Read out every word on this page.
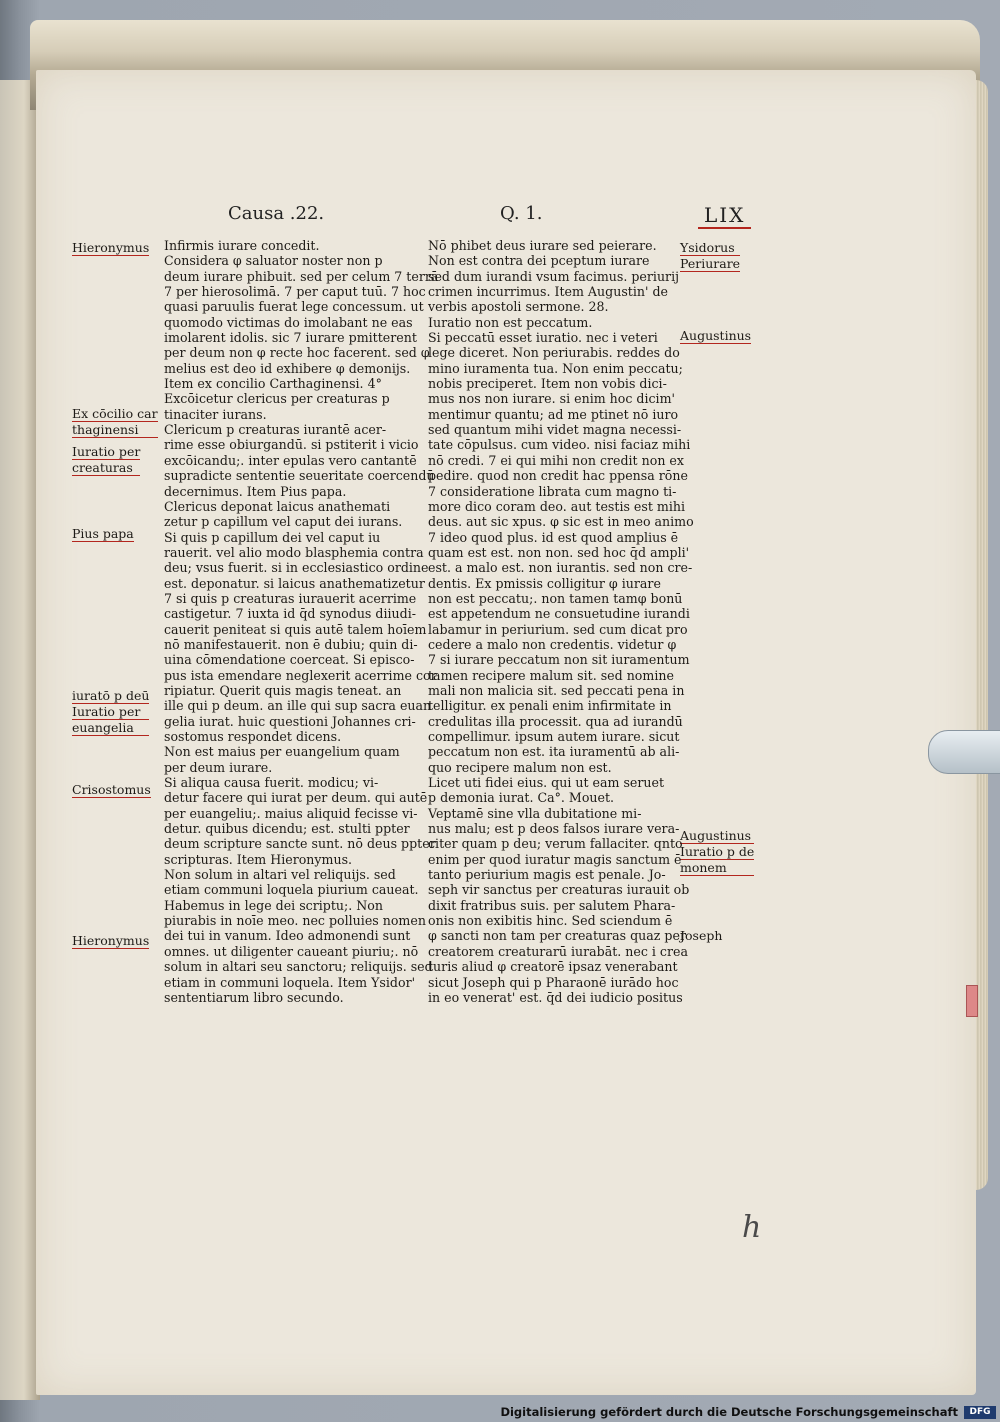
Causa .22.	Q. 1.	LIX
Hieronymus
Ex cōcilio car
thaginensi
Iuratio per
creaturas
Pius papa
iuratō p deū
Iuratio per
euangelia
Crisostomus
Hieronymus
Ysidorus
Periurare
Augustinus
Augustinus
Iuratio p de
monem
Joseph
Infirmis iurare concedit.
Considera φ saluator noster non p
deum iurare phibuit. sed per celum 7 terrā
7 per hierosolimā. 7 per caput tuū. 7 hoc
quasi paruulis fuerat lege concessum. ut
quomodo victimas do imolabant ne eas
imolarent idolis. sic 7 iurare pmitterent
per deum non φ recte hoc facerent. sed φ
melius est deo id exhibere φ demonijs.
Item ex concilio Carthaginensi. 4°
Excōicetur clericus per creaturas p
tinaciter iurans.
Clericum p creaturas iurantē acer-
rime esse obiurgandū. si pstiterit i vicio
excōicandu;. inter epulas vero cantantē
supradicte sententie seueritate coercendū
decernimus. Item Pius papa.
Clericus deponat laicus anathemati
zetur p capillum vel caput dei iurans.
Si quis p capillum dei vel caput iu
rauerit. vel alio modo blasphemia contra
deu; vsus fuerit. si in ecclesiastico ordine
est. deponatur. si laicus anathematizetur
7 si quis p creaturas iurauerit acerrime
castigetur. 7 iuxta id q̄d synodus diiudi-
cauerit peniteat si quis autē talem hoīem
nō manifestauerit. non ē dubiu; quin di-
uina cōmendatione coerceat. Si episco-
pus ista emendare neglexerit acerrime cor
ripiatur. Querit quis magis teneat. an
ille qui p deum. an ille qui sup sacra euan
gelia iurat. huic questioni Johannes cri-
sostomus respondet dicens.
Non est maius per euangelium quam
per deum iurare.
Si aliqua causa fuerit. modicu; vi-
detur facere qui iurat per deum. qui autē
per euangeliu;. maius aliquid fecisse vi-
detur. quibus dicendu; est. stulti ppter
deum scripture sancte sunt. nō deus ppter
scripturas. Item Hieronymus.
Non solum in altari vel reliquijs. sed
etiam communi loquela piurium caueat.
Habemus in lege dei scriptu;. Non
piurabis in noīe meo. nec polluies nomen
dei tui in vanum. Ideo admonendi sunt
omnes. ut diligenter caueant piuriu;. nō
solum in altari seu sanctoru; reliquijs. sed
etiam in communi loquela. Item Ysidor'
sententiarum libro secundo.
Nō phibet deus iurare sed peierare.
Non est contra dei pceptum iurare
sed dum iurandi vsum facimus. periurij
crimen incurrimus. Item Augustin' de
verbis apostoli sermone. 28.
Iuratio non est peccatum.
Si peccatū esset iuratio. nec i veteri
lege diceret. Non periurabis. reddes do
mino iuramenta tua. Non enim peccatu;
nobis preciperet. Item non vobis dici-
mus nos non iurare. si enim hoc dicim'
mentimur quantu; ad me ptinet nō iuro
sed quantum mihi videt magna necessi-
tate cōpulsus. cum video. nisi faciaz mihi
nō credi. 7 ei qui mihi non credit non ex
pedire. quod non credit hac ppensa rōne
7 consideratione librata cum magno ti-
more dico coram deo. aut testis est mihi
deus. aut sic xpus. φ sic est in meo animo
7 ideo quod plus. id est quod amplius ē
quam est est. non non. sed hoc q̄d ampli'
est. a malo est. non iurantis. sed non cre-
dentis. Ex pmissis colligitur φ iurare
non est peccatu;. non tamen tamφ bonū
est appetendum ne consuetudine iurandi
labamur in periurium. sed cum dicat pro
cedere a malo non credentis. videtur φ
7 si iurare peccatum non sit iuramentum
tamen recipere malum sit. sed nomine
mali non malicia sit. sed peccati pena in
telligitur. ex penali enim infirmitate in
credulitas illa processit. qua ad iurandū
compellimur. ipsum autem iurare. sicut
peccatum non est. ita iuramentū ab ali-
quo recipere malum non est.
Licet uti fidei eius. qui ut eam seruet
p demonia iurat. Ca°. Mouet.
Veptamē sine vlla dubitatione mi-
nus malu; est p deos falsos iurare vera-
citer quam p deu; verum fallaciter. qnto
enim per quod iuratur magis sanctum ē
tanto periurium magis est penale. Jo-
seph vir sanctus per creaturas iurauit ob
dixit fratribus suis. per salutem Phara-
onis non exibitis hinc. Sed sciendum ē
φ sancti non tam per creaturas quaz per
creatorem creaturarū iurabāt. nec i crea
turis aliud φ creatorē ipsaz venerabant
sicut Joseph qui p Pharaonē iurādo hoc
in eo venerat' est. q̄d dei iudicio positus
h
Digitalisierung gefördert durch die Deutsche Forschungsgemeinschaft	DFG
